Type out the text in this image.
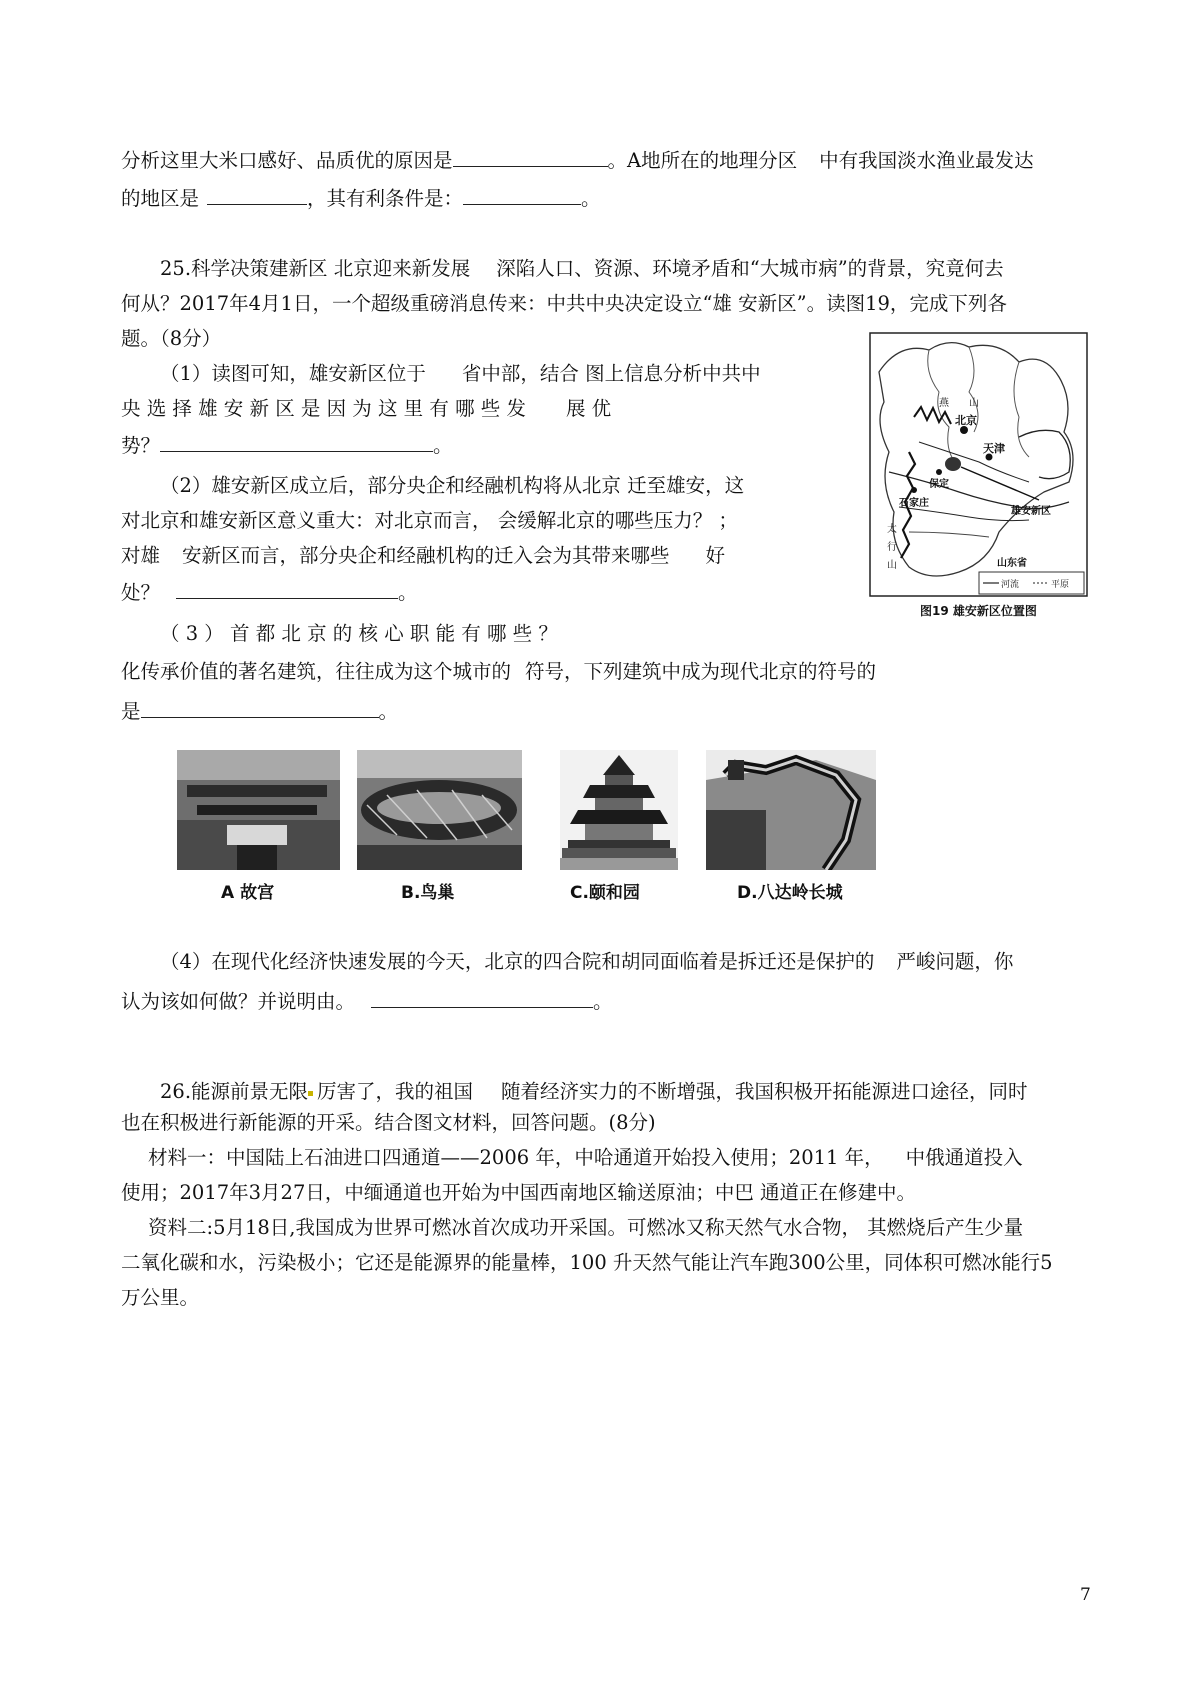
分析这里大米口感好、品质优的原因是	。A地所在的地理分区 中有我国淡水渔业最发达
的地区是	，其有利条件是：	。
25.科学决策建新区 北京迎来新发展 深陷人口、资源、环境矛盾和“大城市病”的背景，究竟何去
何从？2017年4月1日，一个超级重磅消息传来：中共中央决定设立“雄 安新区”。读图19，完成下列各
题。（8分）
（1）读图可知，雄安新区位于 省中部，结合 图上信息分析中共中
央 选 择 雄 安 新 区 是 因 为 这 里 有 哪 些 发 展 优
势？	。
（2）雄安新区成立后，部分央企和经融机构将从北京 迁至雄安，这
对北京和雄安新区意义重大：对北京而言， 会缓解北京的哪些压力？ ；
对雄 安新区而言，部分央企和经融机构的迁入会为其带来哪些 好
处？	。
（ 3 ） 首 都 北 京 的 核 心 职 能 有 哪 些 ？
化传承价值的著名建筑，往往成为这个城市的 符号，下列建筑中成为现代北京的符号的
是	。
北京
天津
保定
石家庄
雄安新区
山东省
燕 山
太
行
山
河流	平原
图19 雄安新区位置图
A 故宫	B.鸟巢	C.颐和园	D.八达岭长城
（4）在现代化经济快速发展的今天，北京的四合院和胡同面临着是拆迁还是保护的 严峻问题，你
认为该如何做？并说明由。	。
26.能源前景无限 厉害了，我的祖国 随着经济实力的不断增强，我国积极开拓能源进口途径，同时
也在积极进行新能源的开采。结合图文材料，回答问题。(8分)
材料一：中国陆上石油进口四通道——2006 年，中哈通道开始投入使用；2011 年， 中俄通道投入
使用；2017年3月27日，中缅通道也开始为中国西南地区输送原油；中巴 通道正在修建中。
资料二:5月18日,我国成为世界可燃冰首次成功开采国。可燃冰又称天然气水合物， 其燃烧后产生少量
二氧化碳和水，污染极小；它还是能源界的能量棒，100 升天然气能让汽车跑300公里，同体积可燃冰能行5
万公里。
7
